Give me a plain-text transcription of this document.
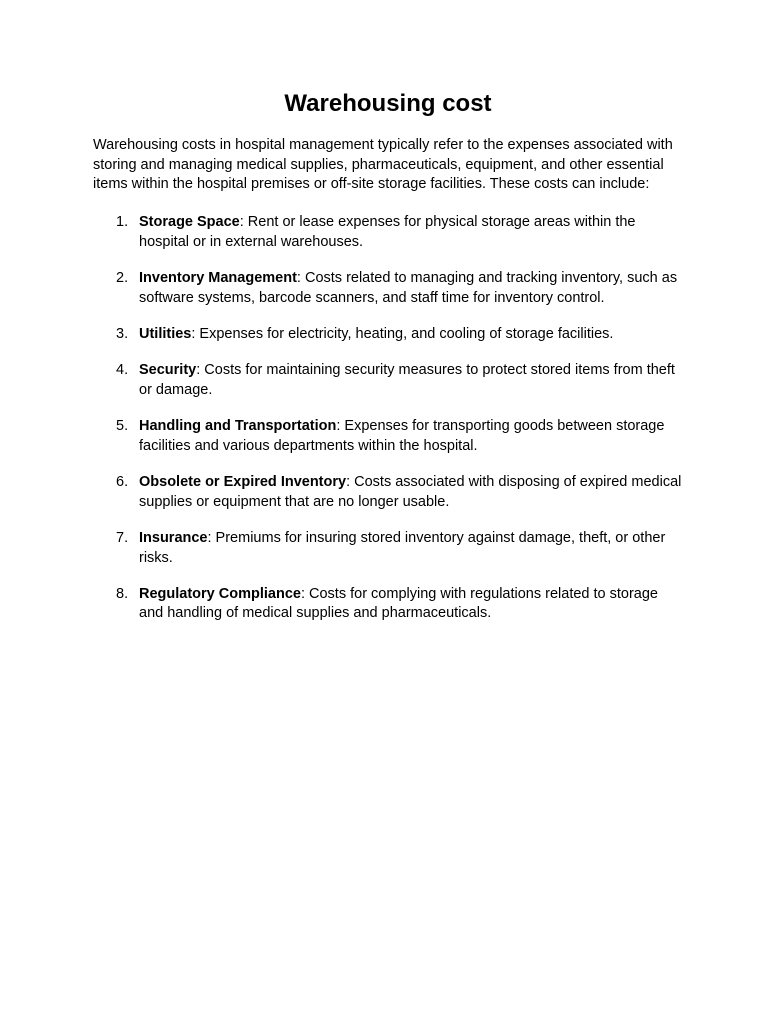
Warehousing cost

Warehousing costs in hospital management typically refer to the expenses associated with storing and managing medical supplies, pharmaceuticals, equipment, and other essential items within the hospital premises or off-site storage facilities. These costs can include:

1. Storage Space: Rent or lease expenses for physical storage areas within the hospital or in external warehouses.
2. Inventory Management: Costs related to managing and tracking inventory, such as software systems, barcode scanners, and staff time for inventory control.
3. Utilities: Expenses for electricity, heating, and cooling of storage facilities.
4. Security: Costs for maintaining security measures to protect stored items from theft or damage.
5. Handling and Transportation: Expenses for transporting goods between storage facilities and various departments within the hospital.
6. Obsolete or Expired Inventory: Costs associated with disposing of expired medical supplies or equipment that are no longer usable.
7. Insurance: Premiums for insuring stored inventory against damage, theft, or other risks.
8. Regulatory Compliance: Costs for complying with regulations related to storage and handling of medical supplies and pharmaceuticals.
